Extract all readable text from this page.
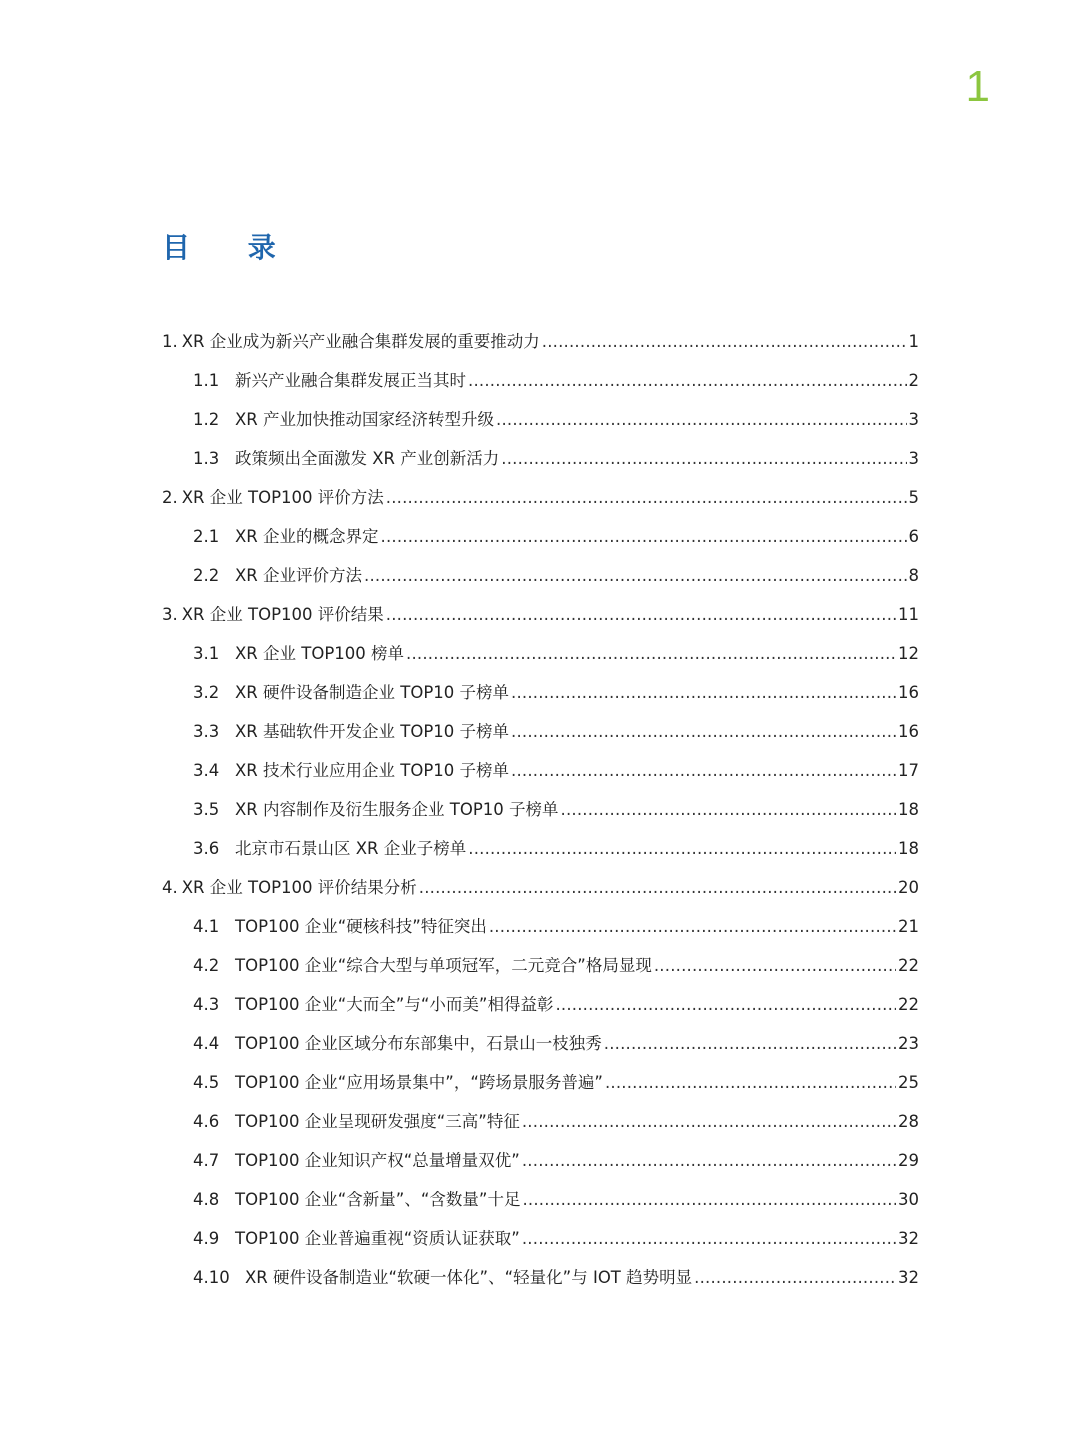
1
目 录
1. XR 企业成为新兴产业融合集群发展的重要推动力 .....	1
1.1 新兴产业融合集群发展正当其时 .....	2
1.2 XR 产业加快推动国家经济转型升级 .....	3
1.3 政策频出全面激发 XR 产业创新活力 .....	3
2. XR 企业 TOP100 评价方法 .....	5
2.1 XR 企业的概念界定 .....	6
2.2 XR 企业评价方法 .....	8
3. XR 企业 TOP100 评价结果 .....	11
3.1 XR 企业 TOP100 榜单 .....	12
3.2 XR 硬件设备制造企业 TOP10 子榜单 .....	16
3.3 XR 基础软件开发企业 TOP10 子榜单 .....	16
3.4 XR 技术行业应用企业 TOP10 子榜单 .....	17
3.5 XR 内容制作及衍生服务企业 TOP10 子榜单 .....	18
3.6 北京市石景山区 XR 企业子榜单 .....	18
4. XR 企业 TOP100 评价结果分析 .....	20
4.1 TOP100 企业“硬核科技”特征突出 .....	21
4.2 TOP100 企业“综合大型与单项冠军，二元竞合”格局显现 .....	22
4.3 TOP100 企业“大而全”与“小而美”相得益彰 .....	22
4.4 TOP100 企业区域分布东部集中，石景山一枝独秀 .....	23
4.5 TOP100 企业“应用场景集中”，“跨场景服务普遍” .....	25
4.6 TOP100 企业呈现研发强度“三高”特征 .....	28
4.7 TOP100 企业知识产权“总量增量双优” .....	29
4.8 TOP100 企业“含新量”、“含数量”十足 .....	30
4.9 TOP100 企业普遍重视“资质认证获取” .....	32
4.10 XR 硬件设备制造业“软硬一体化”、“轻量化”与 IOT 趋势明显 .....	32
